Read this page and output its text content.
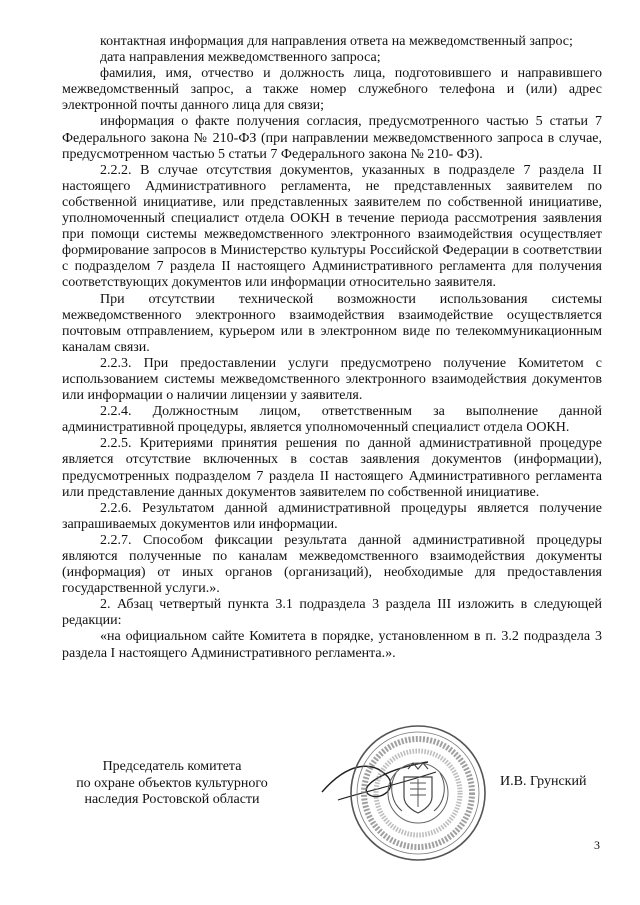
контактная информация для направления ответа на межведомственный запрос;

дата направления межведомственного запроса;

фамилия, имя, отчество и должность лица, подготовившего и направившего межведомственный запрос, а также номер служебного телефона и (или) адрес электронной почты данного лица для связи;

информация о факте получения согласия, предусмотренного частью 5 статьи 7 Федерального закона № 210-ФЗ (при направлении межведомственного запроса в случае, предусмотренном частью 5 статьи 7 Федерального закона № 210- ФЗ).

2.2.2. В случае отсутствия документов, указанных в подразделе 7 раздела II настоящего Административного регламента, не представленных заявителем по собственной инициативе, или представленных заявителем по собственной инициативе, уполномоченный специалист отдела ООКН в течение периода рассмотрения заявления при помощи системы межведомственного электронного взаимодействия осуществляет формирование запросов в Министерство культуры Российской Федерации в соответствии с подразделом 7 раздела II настоящего Административного регламента для получения соответствующих документов или информации относительно заявителя.

При отсутствии технической возможности использования системы межведомственного электронного взаимодействия взаимодействие осуществляется почтовым отправлением, курьером или в электронном виде по телекоммуникационным каналам связи.

2.2.3. При предоставлении услуги предусмотрено получение Комитетом с использованием системы межведомственного электронного взаимодействия документов или информации о наличии лицензии у заявителя.

2.2.4. Должностным лицом, ответственным за выполнение данной административной процедуры, является уполномоченный специалист отдела ООКН.

2.2.5. Критериями принятия решения по данной административной процедуре является отсутствие включенных в состав заявления документов (информации), предусмотренных подразделом 7 раздела II настоящего Административного регламента или представление данных документов заявителем по собственной инициативе.

2.2.6. Результатом данной административной процедуры является получение запрашиваемых документов или информации.

2.2.7. Способом фиксации результата данной административной процедуры являются полученные по каналам межведомственного взаимодействия документы (информация) от иных органов (организаций), необходимые для предоставления государственной услуги.».

2. Абзац четвертый пункта 3.1 подраздела 3 раздела III изложить в следующей редакции:

«на официальном сайте Комитета в порядке, установленном в п. 3.2 подраздела 3 раздела I настоящего Административного регламента.».

Председатель комитета
по охране объектов культурного
наследия Ростовской области
И.В. Грунский
3
